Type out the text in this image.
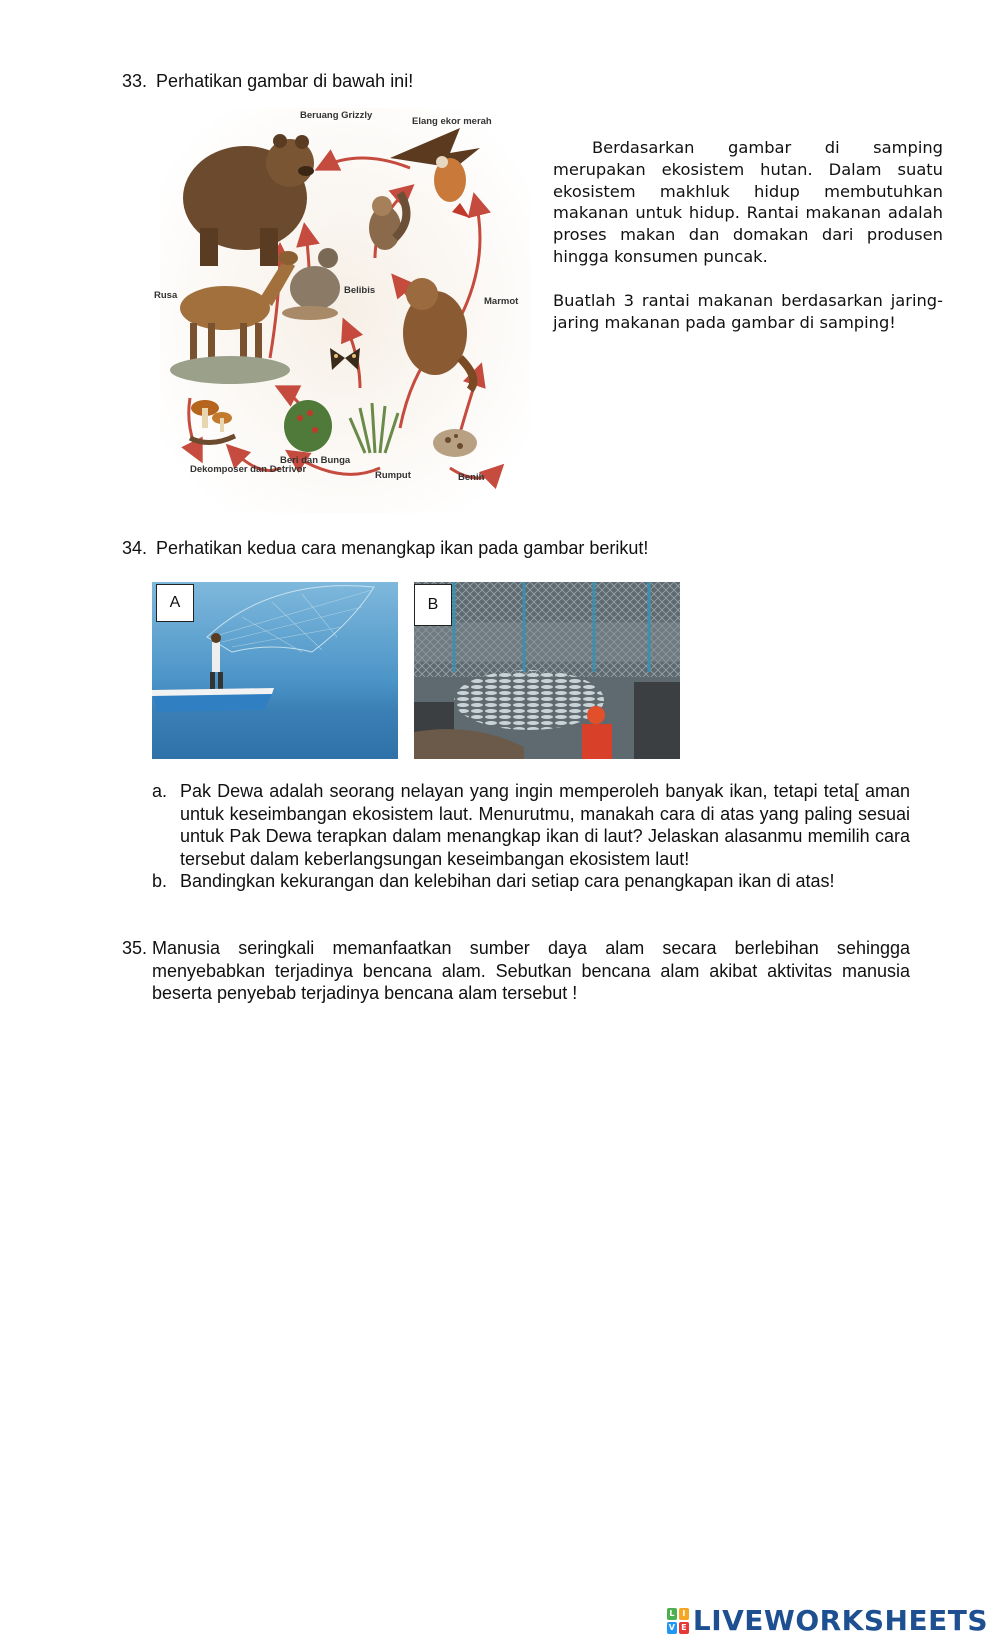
33. Perhatikan gambar di bawah ini!
Beruang Grizzly
Elang ekor merah
Rusa	Belibis
Marmot
Dekomposer dan Detrivor
Beri dan Bunga
Rumput	Benih
Berdasarkan gambar di samping merupakan ekosistem hutan. Dalam suatu ekosistem makhluk hidup membutuhkan makanan untuk hidup. Rantai makanan adalah proses makan dan domakan dari produsen hingga konsumen puncak.
Buatlah 3 rantai makanan berdasarkan jaring-jaring makanan pada gambar di samping!
34. Perhatikan kedua cara menangkap ikan pada gambar berikut!
A	B
a. Pak Dewa adalah seorang nelayan yang ingin memperoleh banyak ikan, tetapi teta[ aman untuk keseimbangan ekosistem laut. Menurutmu, manakah cara di atas yang paling sesuai untuk Pak Dewa terapkan dalam menangkap ikan di laut? Jelaskan alasanmu memilih cara tersebut dalam keberlangsungan keseimbangan ekosistem laut!
b. Bandingkan kekurangan dan kelebihan dari setiap cara penangkapan ikan di atas!
35. Manusia seringkali memanfaatkan sumber daya alam secara berlebihan sehingga menyebabkan terjadinya bencana alam. Sebutkan bencana alam akibat aktivitas manusia beserta penyebab terjadinya bencana alam tersebut !
L I
V E LIVEWORKSHEETS
